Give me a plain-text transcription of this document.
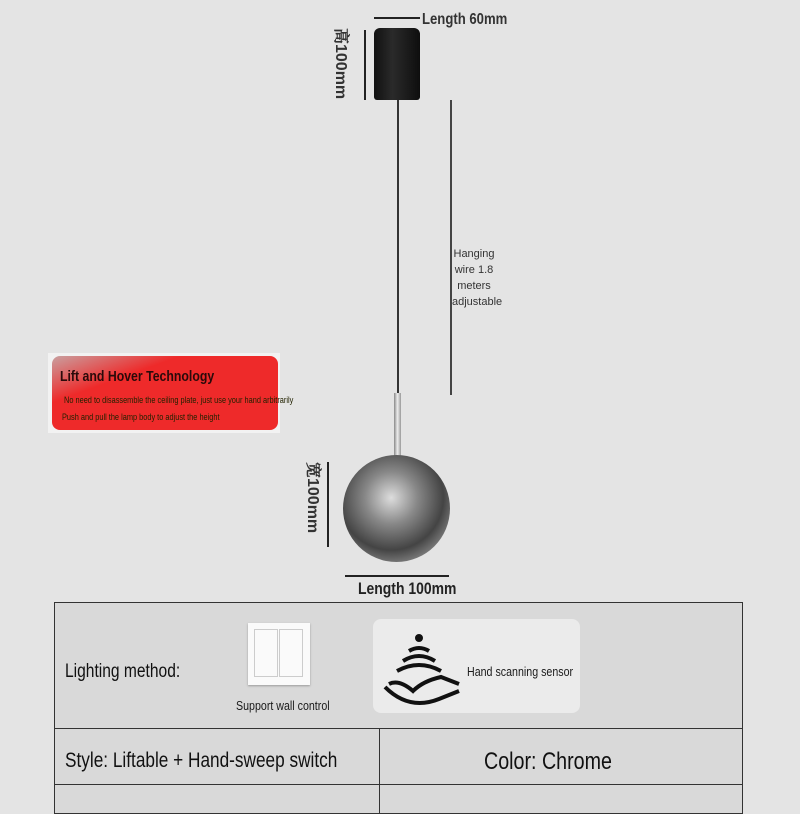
Length 60mm
高100mm
Hanging
wire 1.8
meters
adjustable
Lift and Hover Technology
No need to disassemble the ceiling plate, just use your hand arbitrarily
Push and pull the lamp body to adjust the height
宽100mm
Length 100mm
Lighting method:
Support wall control
Hand scanning sensor
Style: Liftable + Hand-sweep switch	Color: Chrome
